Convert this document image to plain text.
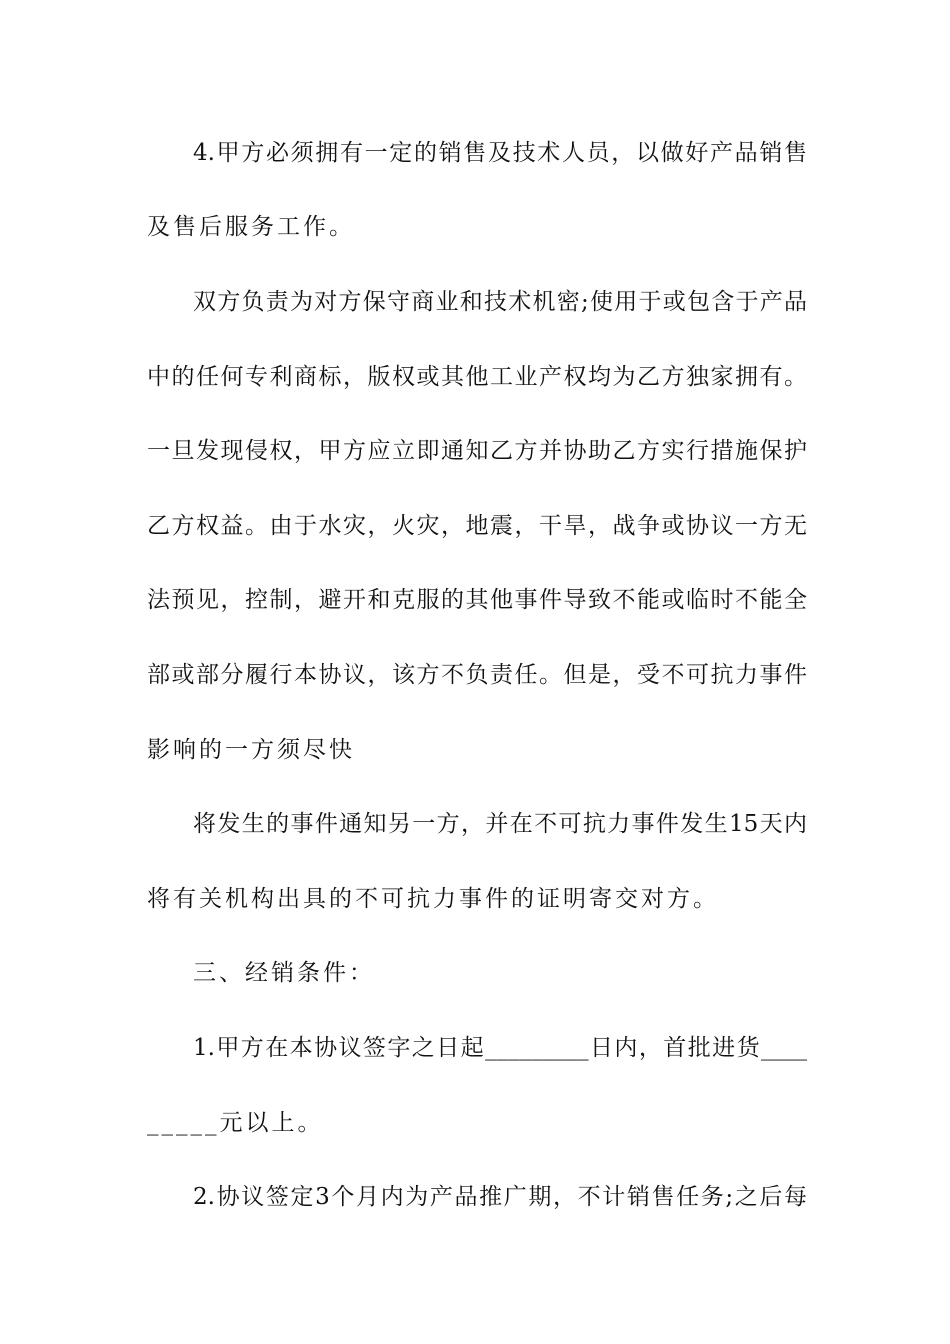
4.甲方必须拥有一定的销售及技术人员，以做好产品销售
及售后服务工作。
双方负责为对方保守商业和技术机密;使用于或包含于产品
中的任何专利商标，版权或其他工业产权均为乙方独家拥有。
一旦发现侵权，甲方应立即通知乙方并协助乙方实行措施保护
乙方权益。由于水灾，火灾，地震，干旱，战争或协议一方无
法预见，控制，避开和克服的其他事件导致不能或临时不能全
部或部分履行本协议，该方不负责任。但是，受不可抗力事件
影响的一方须尽快
将发生的事件通知另一方，并在不可抗力事件发生15天内
将有关机构出具的不可抗力事件的证明寄交对方。
三、经销条件：
1.甲方在本协议签字之日起_________日内，首批进货____
_____元以上。
2.协议签定3个月内为产品推广期，不计销售任务;之后每
